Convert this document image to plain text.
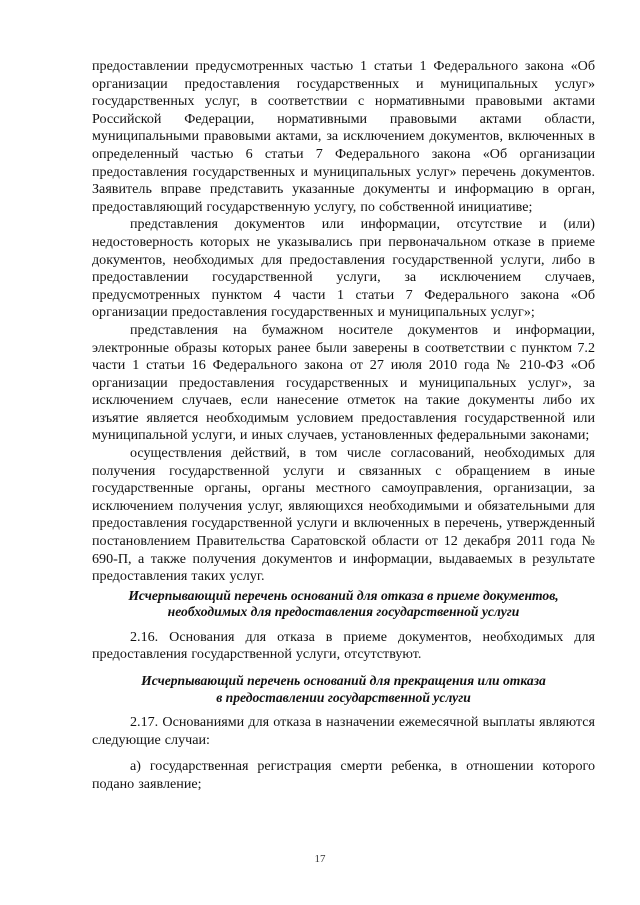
предоставлении предусмотренных частью 1 статьи 1 Федерального закона «Об организации предоставления государственных и муниципальных услуг» государственных услуг, в соответствии с нормативными правовыми актами Российской Федерации, нормативными правовыми актами области, муниципальными правовыми актами, за исключением документов, включенных в определенный частью 6 статьи 7 Федерального закона «Об организации предоставления государственных и муниципальных услуг» перечень документов. Заявитель вправе представить указанные документы и информацию в орган, предоставляющий государственную услугу, по собственной инициативе;

представления документов или информации, отсутствие и (или) недостоверность которых не указывались при первоначальном отказе в приеме документов, необходимых для предоставления государственной услуги, либо в предоставлении государственной услуги, за исключением случаев, предусмотренных пунктом 4 части 1 статьи 7 Федерального закона «Об организации предоставления государственных и муниципальных услуг»;

представления на бумажном носителе документов и информации, электронные образы которых ранее были заверены в соответствии с пунктом 7.2 части 1 статьи 16 Федерального закона от 27 июля 2010 года № 210-ФЗ «Об организации предоставления государственных и муниципальных услуг», за исключением случаев, если нанесение отметок на такие документы либо их изъятие является необходимым условием предоставления государственной или муниципальной услуги, и иных случаев, установленных федеральными законами;

осуществления действий, в том числе согласований, необходимых для получения государственной услуги и связанных с обращением в иные государственные органы, органы местного самоуправления, организации, за исключением получения услуг, являющихся необходимыми и обязательными для предоставления государственной услуги и включенных в перечень, утвержденный постановлением Правительства Саратовской области от 12 декабря 2011 года № 690-П, а также получения документов и информации, выдаваемых в результате предоставления таких услуг.

Исчерпывающий перечень оснований для отказа в приеме документов,
необходимых для предоставления государственной услуги

2.16. Основания для отказа в приеме документов, необходимых для предоставления государственной услуги, отсутствуют.

Исчерпывающий перечень оснований для прекращения или отказа
в предоставлении государственной услуги

2.17. Основаниями для отказа в назначении ежемесячной выплаты являются следующие случаи:

а) государственная регистрация смерти ребенка, в отношении которого подано заявление;

17
